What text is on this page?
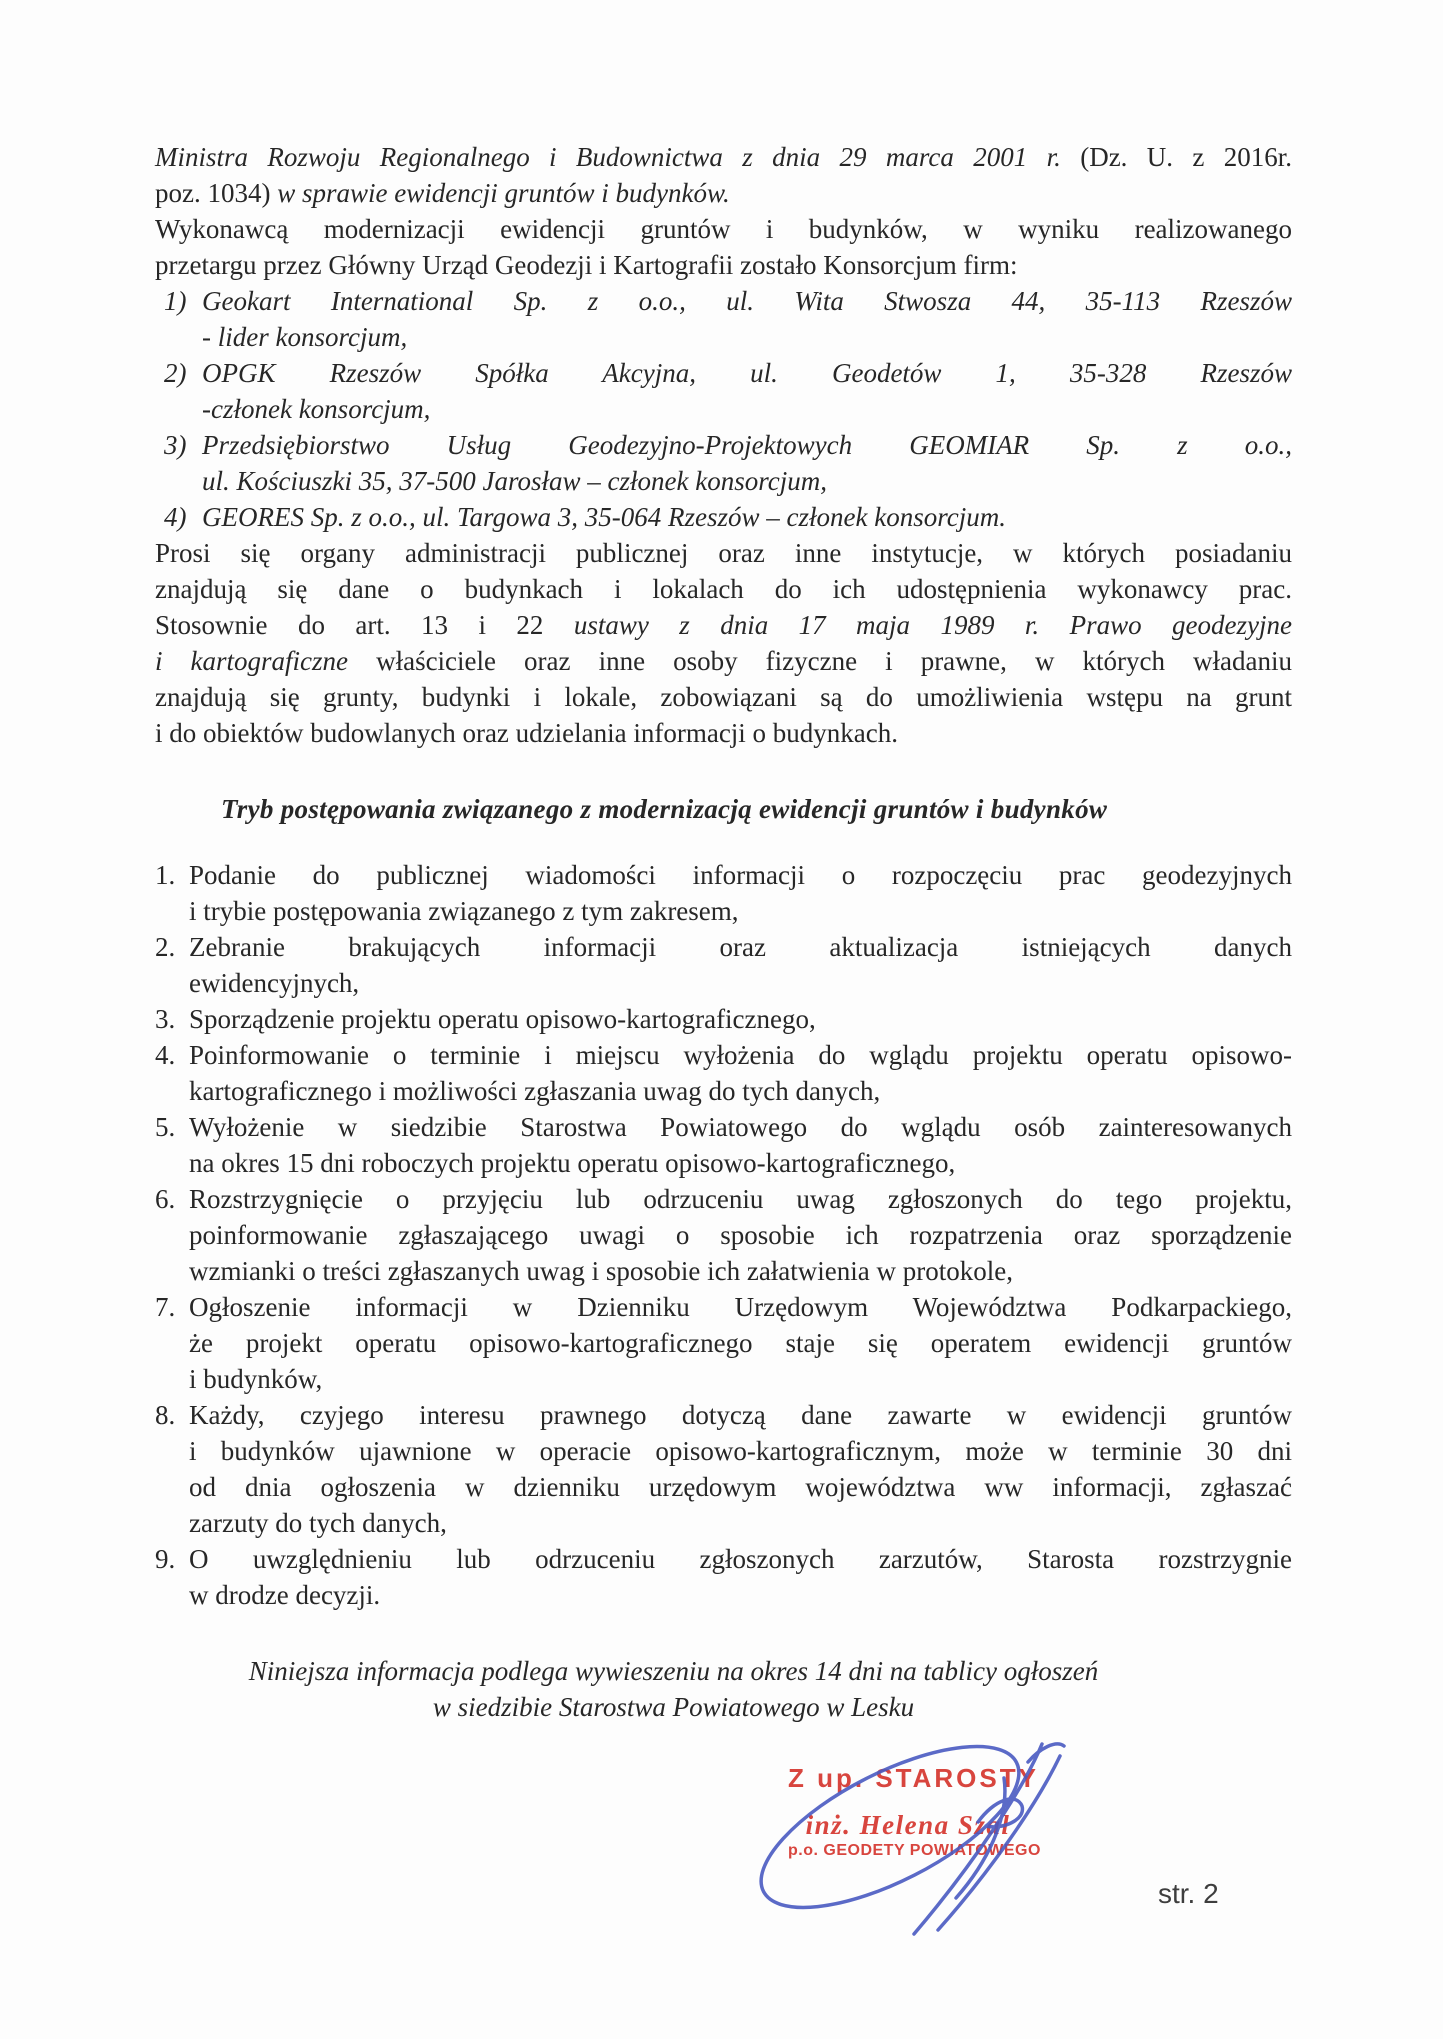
Ministra Rozwoju Regionalnego i Budownictwa z dnia 29 marca 2001 r. (Dz. U. z 2016r.
poz. 1034) w sprawie ewidencji gruntów i budynków.
Wykonawcą modernizacji ewidencji gruntów i budynków, w wyniku realizowanego
przetargu przez Główny Urząd Geodezji i Kartografii zostało Konsorcjum firm:
1) Geokart International Sp. z o.o., ul. Wita Stwosza 44, 35-113 Rzeszów
- lider konsorcjum,
2) OPGK Rzeszów Spółka Akcyjna, ul. Geodetów 1, 35-328 Rzeszów
-członek konsorcjum,
3) Przedsiębiorstwo Usług Geodezyjno-Projektowych GEOMIAR Sp. z o.o.,
ul. Kościuszki 35, 37-500 Jarosław – członek konsorcjum,
4) GEORES Sp. z o.o., ul. Targowa 3, 35-064 Rzeszów – członek konsorcjum.
Prosi się organy administracji publicznej oraz inne instytucje, w których posiadaniu
znajdują się dane o budynkach i lokalach do ich udostępnienia wykonawcy prac.
Stosownie do art. 13 i 22 ustawy z dnia 17 maja 1989 r. Prawo geodezyjne
i kartograficzne właściciele oraz inne osoby fizyczne i prawne, w których władaniu
znajdują się grunty, budynki i lokale, zobowiązani są do umożliwienia wstępu na grunt
i do obiektów budowlanych oraz udzielania informacji o budynkach.
Tryb postępowania związanego z modernizacją ewidencji gruntów i budynków
1. Podanie do publicznej wiadomości informacji o rozpoczęciu prac geodezyjnych
i trybie postępowania związanego z tym zakresem,
2. Zebranie brakujących informacji oraz aktualizacja istniejących danych
ewidencyjnych,
3. Sporządzenie projektu operatu opisowo-kartograficznego,
4. Poinformowanie o terminie i miejscu wyłożenia do wglądu projektu operatu opisowo-
kartograficznego i możliwości zgłaszania uwag do tych danych,
5. Wyłożenie w siedzibie Starostwa Powiatowego do wglądu osób zainteresowanych
na okres 15 dni roboczych projektu operatu opisowo-kartograficznego,
6. Rozstrzygnięcie o przyjęciu lub odrzuceniu uwag zgłoszonych do tego projektu,
poinformowanie zgłaszającego uwagi o sposobie ich rozpatrzenia oraz sporządzenie
wzmianki o treści zgłaszanych uwag i sposobie ich załatwienia w protokole,
7. Ogłoszenie informacji w Dzienniku Urzędowym Województwa Podkarpackiego,
że projekt operatu opisowo-kartograficznego staje się operatem ewidencji gruntów
i budynków,
8. Każdy, czyjego interesu prawnego dotyczą dane zawarte w ewidencji gruntów
i budynków ujawnione w operacie opisowo-kartograficznym, może w terminie 30 dni
od dnia ogłoszenia w dzienniku urzędowym województwa ww informacji, zgłaszać
zarzuty do tych danych,
9. O uwzględnieniu lub odrzuceniu zgłoszonych zarzutów, Starosta rozstrzygnie
w drodze decyzji.
Niniejsza informacja podlega wywieszeniu na okres 14 dni na tablicy ogłoszeń
w siedzibie Starostwa Powiatowego w Lesku
Z up. STAROSTY
inż. Helena Szal
p.o. GEODETY POWIATOWEGO
str. 2
